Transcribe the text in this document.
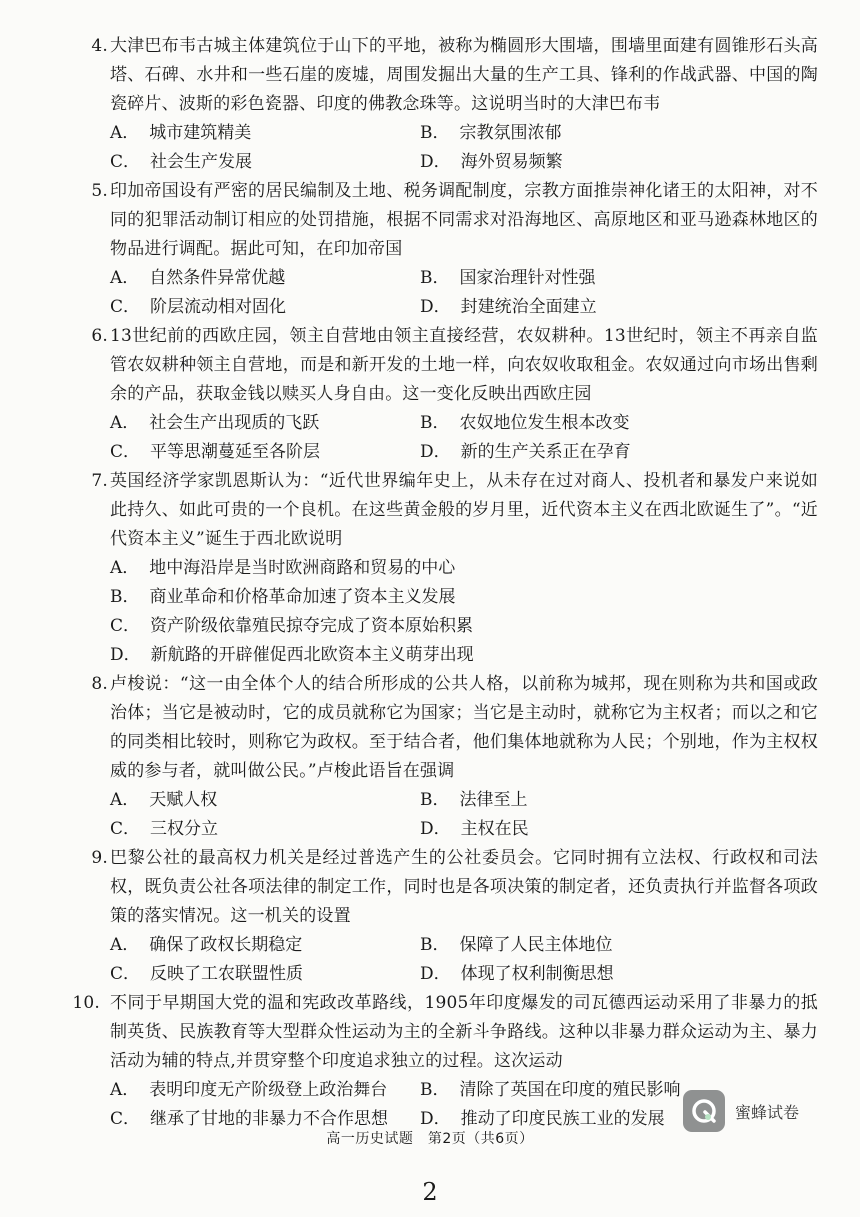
4. 大津巴布韦古城主体建筑位于山下的平地，被称为椭圆形大围墙，围墙里面建有圆锥形石头高塔、石碑、水井和一些石崖的废墟，周围发掘出大量的生产工具、锋利的作战武器、中国的陶瓷碎片、波斯的彩色瓷器、印度的佛教念珠等。这说明当时的大津巴布韦
A． 城市建筑精美	B． 宗教氛围浓郁
C． 社会生产发展	D． 海外贸易频繁
5. 印加帝国设有严密的居民编制及土地、税务调配制度，宗教方面推崇神化诸王的太阳神，对不同的犯罪活动制订相应的处罚措施，根据不同需求对沿海地区、高原地区和亚马逊森林地区的物品进行调配。据此可知，在印加帝国
A． 自然条件异常优越	B． 国家治理针对性强
C． 阶层流动相对固化	D． 封建统治全面建立
6. 13世纪前的西欧庄园，领主自营地由领主直接经营，农奴耕种。13世纪时，领主不再亲自监管农奴耕种领主自营地，而是和新开发的土地一样，向农奴收取租金。农奴通过向市场出售剩余的产品，获取金钱以赎买人身自由。这一变化反映出西欧庄园
A． 社会生产出现质的飞跃	B． 农奴地位发生根本改变
C． 平等思潮蔓延至各阶层	D． 新的生产关系正在孕育
7. 英国经济学家凯恩斯认为：“近代世界编年史上，从未存在过对商人、投机者和暴发户来说如此持久、如此可贵的一个良机。在这些黄金般的岁月里，近代资本主义在西北欧诞生了”。“近代资本主义”诞生于西北欧说明
A． 地中海沿岸是当时欧洲商路和贸易的中心
B． 商业革命和价格革命加速了资本主义发展
C． 资产阶级依靠殖民掠夺完成了资本原始积累
D． 新航路的开辟催促西北欧资本主义萌芽出现
8. 卢梭说：“这一由全体个人的结合所形成的公共人格，以前称为城邦，现在则称为共和国或政治体；当它是被动时，它的成员就称它为国家；当它是主动时，就称它为主权者；而以之和它的同类相比较时，则称它为政权。至于结合者，他们集体地就称为人民；个别地，作为主权权威的参与者，就叫做公民。”卢梭此语旨在强调
A． 天赋人权	B． 法律至上
C． 三权分立	D． 主权在民
9. 巴黎公社的最高权力机关是经过普选产生的公社委员会。它同时拥有立法权、行政权和司法权，既负责公社各项法律的制定工作，同时也是各项决策的制定者，还负责执行并监督各项政策的落实情况。这一机关的设置
A． 确保了政权长期稳定	B． 保障了人民主体地位
C． 反映了工农联盟性质	D． 体现了权利制衡思想
10. 不同于早期国大党的温和宪政改革路线，1905年印度爆发的司瓦德西运动采用了非暴力的抵制英货、民族教育等大型群众性运动为主的全新斗争路线。这种以非暴力群众运动为主、暴力活动为辅的特点,并贯穿整个印度追求独立的过程。这次运动
A． 表明印度无产阶级登上政治舞台	B． 清除了英国在印度的殖民影响
C． 继承了甘地的非暴力不合作思想	D． 推动了印度民族工业的发展	蜜蜂试卷
高一历史试题　第2页（共6页）
2
